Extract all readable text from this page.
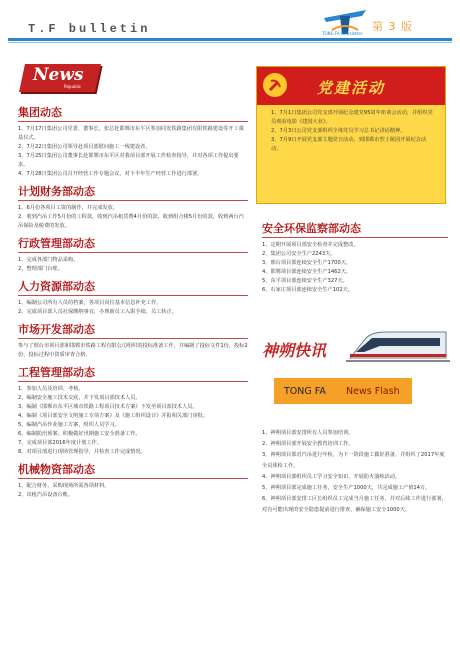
T.F bulletin	TONG FA Newsletter
第 3 版
News
Republic
集团动态
1、7月17日集团公司党委、董事长，张总赴邯郸市东平区参加同发铁路集团有限铁路建设等开工奠基仪式。
2、7月22日集团公司领导赴项目部慰问施工一线建设者。
3、7月25日集团公司董事长赴邯郸市东平区对我项目部开展工作检查指导，并对各项工作提出要求。
4、7月28日集团公司召开经营工作专题会议，对下半年生产经营工作进行部署。
计划财务部动态
1、6月份各项目工资的制作，并完成发放。
2、收到汽吊工作5月份的工程款，收到汽吊租赁费4月份的款，收到组合楼5月份的款，收到两台汽吊保险及税费的发放。
行政管理部动态
1、完成各部门物品采购。
2、整理部门台账。
人力资源部动态
1、编制公司所有人员的档案，各项目岗位基本信息补充工作。
2、完成项目部人员社保缴纳事宜，办理新员工入职手续，员工转正。
市场开发部动态
参与了邢台市项目部和邯郸市铁路工程有限公司组织的投标准备工作，并编制了投标文件1份，投标2份，投标过程中资质审查合格。
工程管理部动态
1、参加人员及培训、考核。
2、编制安全施工技术交底，并下发项目部技术人员。
3、编制《邯郸市东平区城市铁路工程项目技术方案》下发至项目部技术人员。
4、编制《项目部安全文明施工专项方案》及《施工组织设计》并报相关部门审批。
5、编制汽吊作业施工方案，组织人员学习。
6、编制防汛预案，积极做好汛期施工安全准备工作。
7、完成项目部2016年度计划工作。
8、对项目部进行现场管理指导，并检查工作完成情况。
机械物资部动态
1、配合财务，采购现场所需各项材料。
2、出租汽吊设备台帐。
党建活动
1、7月1日集团公司党支部开展纪念建党95周年座谈会活动，并组织党员观看电影《建国大业》。
2、7月3日公司党支部组织全体党员学习总书记讲话精神。
3、7月9日开展党支部主题党日活动，到邯郸市烈士陵园开展纪念活动。
安全环保监察部动态
1、定期开展项目部安全检查并完成整改。
2、集团公司安全生产2243天。
3、邢台项目部连续安全生产1700天。
4、邯郸项目部连续安全生产1462天。
5、东平项目部连续安全生产327天。
6、石家庄项目部连续安全生产102天。
神朔快讯
TONG FA News Flash
1、神朔项目部安排所有人员参加培训。
2、神朔项目部开展安全教育培训工作。
3、神朔项目部对汽吊进行年检，为下一阶段施工做好准备，并组织了2017年度全员体检工作。
4、神朔项目部组织员工学习安全知识，开展防火演练活动。
5、神朔项目部完成施工任务，安全生产1000天，共完成施工产值14万。
6、神朔项目部安排工区长组织员工完成当月施工任务，并对后续工作进行部署，对有可能出现的安全隐患提前进行排查，确保施工安全1000天。
